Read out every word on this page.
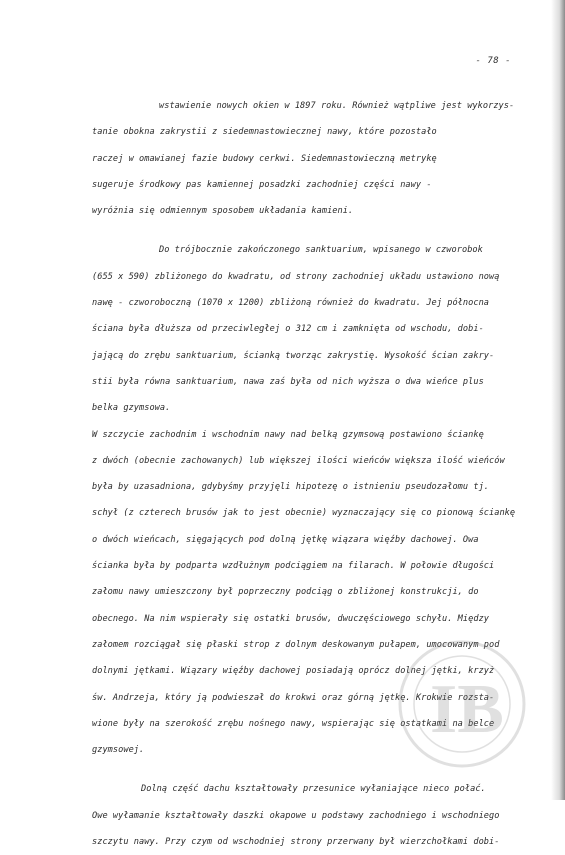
- 78 -
wstawienie nowych okien w 1897 roku. Również wątpliwe jest wykorzys-
tanie obokna zakrystii z siedemnastowiecznej nawy, które pozostało
raczej w omawianej fazie budowy cerkwi. Siedemnastowieczną metrykę
sugeruje środkowy pas kamiennej posadzki zachodniej części nawy -
wyróżnia się odmiennym sposobem układania kamieni.
Do trójbocznie zakończonego sanktuarium, wpisanego w czworobok
(655 x 590) zbliżonego do kwadratu, od strony zachodniej układu ustawiono nową
nawę - czworoboczną (1070 x 1200) zbliżoną również do kwadratu. Jej północna
ściana była dłuższa od przeciwległej o 312 cm i zamknięta od wschodu, dobi-
jającą do zrębu sanktuarium, ścianką tworząc zakrystię. Wysokość ścian zakry-
stii była równa sanktuarium, nawa zaś była od nich wyższa o dwa wieńce plus
belka gzymsowa.
W szczycie zachodnim i wschodnim nawy nad belką gzymsową postawiono ściankę
z dwóch (obecnie zachowanych) lub większej ilości wieńców większa ilość wieńców
była by uzasadniona, gdybyśmy przyjęli hipotezę o istnieniu pseudozałomu tj.
schył (z czterech brusów jak to jest obecnie) wyznaczający się co pionową ściankę
o dwóch wieńcach, sięgających pod dolną jętkę wiązara więźby dachowej. Owa
ścianka była by podparta wzdłużnym podciągiem na filarach. W połowie długości
załomu nawy umieszczony był poprzeczny podciąg o zbliżonej konstrukcji, do
obecnego. Na nim wspierały się ostatki brusów, dwuczęściowego schyłu. Między
załomem rozciągał się płaski strop z dolnym deskowanym pułapem, umocowanym pod
dolnymi jętkami. Wiązary więźby dachowej posiadają oprócz dolnej jętki, krzyż
św. Andrzeja, który ją podwieszał do krokwi oraz górną jętkę. Krokwie rozsta-
wione były na szerokość zrębu nośnego nawy, wspierając się ostatkami na belce
gzymsowej.
Dolną część dachu kształtowały przesunice wyłaniające nieco połać.
Owe wyłamanie kształtowały daszki okapowe u podstawy zachodniego i wschodniego
szczytu nawy. Przy czym od wschodniej strony przerwany był wierzchołkami dobi-
IB
